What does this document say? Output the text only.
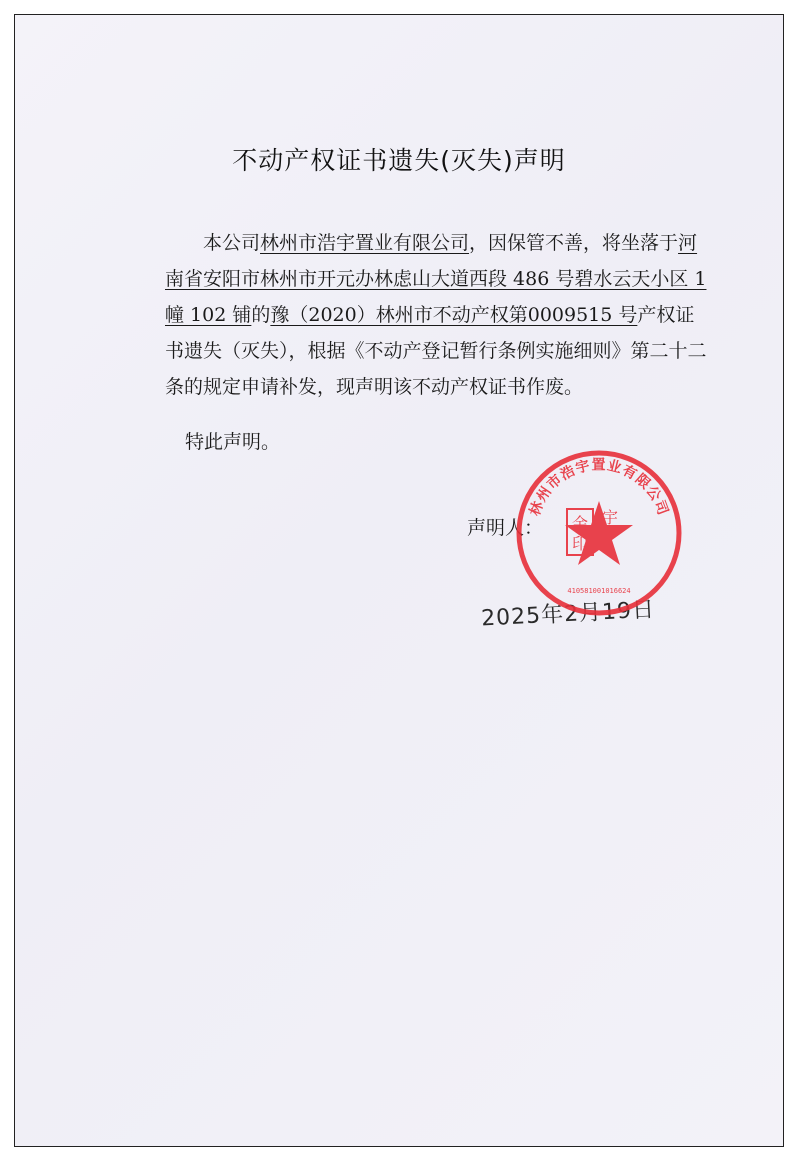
不动产权证书遗失(灭失)声明
本公司林州市浩宇置业有限公司，因保管不善，将坐落于河南省安阳市林州市开元办林虑山大道西段 486 号碧水云天小区 1 幢 102 铺的豫（2020）林州市不动产权第0009515 号产权证书遗失（灭失），根据《不动产登记暂行条例实施细则》第二十二条的规定申请补发，现声明该不动产权证书作废。
特此声明。
声明人：
2025年2月19日
林州市浩宇置业有限公司
金 宇
印
410581001016624
